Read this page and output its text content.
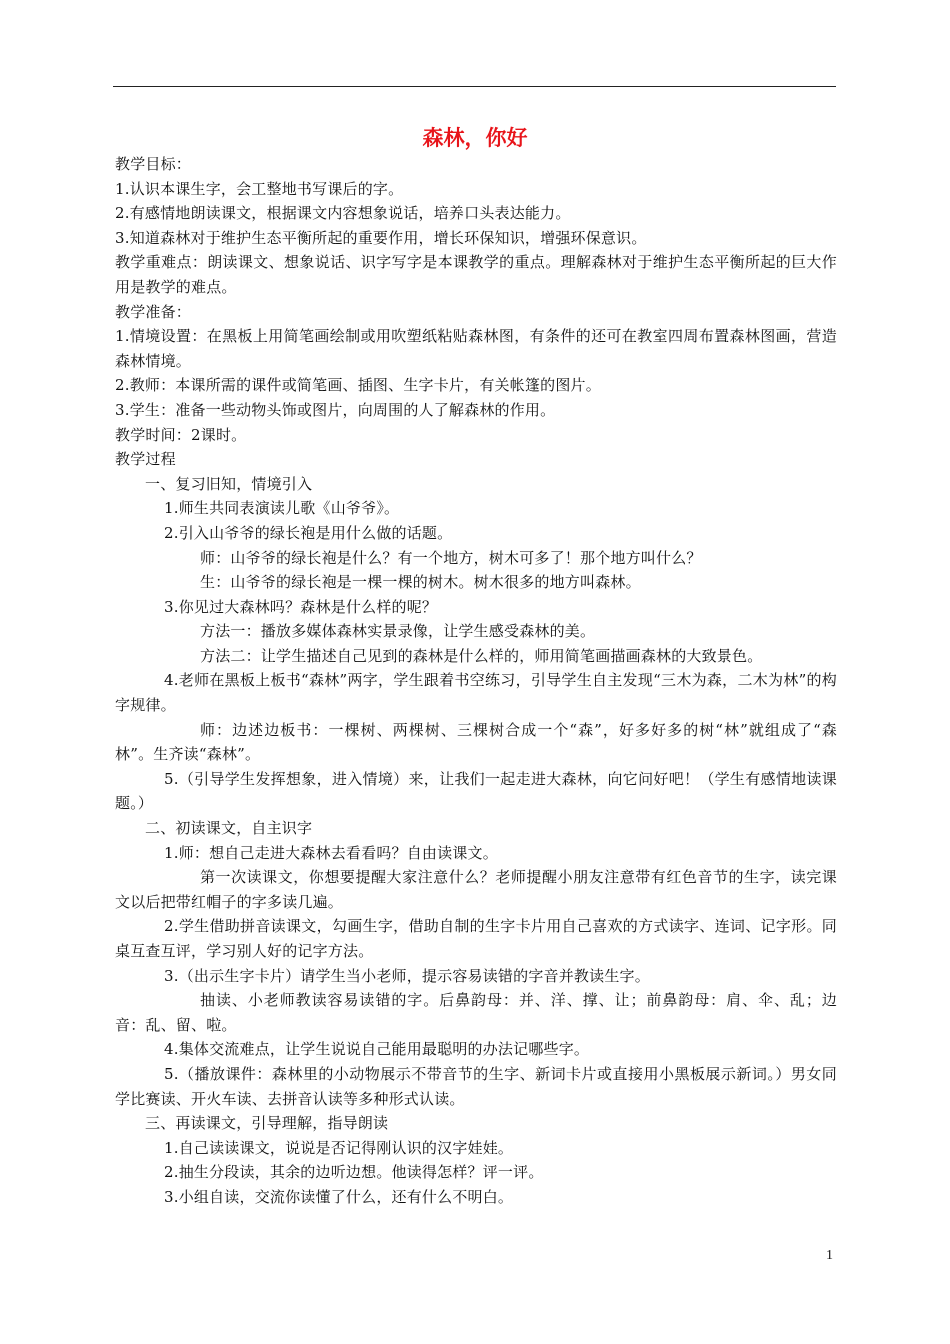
森林，你好

教学目标：

1.认识本课生字，会工整地书写课后的字。

2.有感情地朗读课文，根据课文内容想象说话，培养口头表达能力。

3.知道森林对于维护生态平衡所起的重要作用，增长环保知识，增强环保意识。

教学重难点：朗读课文、想象说话、识字写字是本课教学的重点。理解森林对于维护生态平衡所起的巨大作用是教学的难点。

教学准备：

1.情境设置：在黑板上用简笔画绘制或用吹塑纸粘贴森林图，有条件的还可在教室四周布置森林图画，营造森林情境。

2.教师：本课所需的课件或简笔画、插图、生字卡片，有关帐篷的图片。

3.学生：准备一些动物头饰或图片，向周围的人了解森林的作用。

教学时间：2课时。

教学过程

一、复习旧知，情境引入

1.师生共同表演读儿歌《山爷爷》。

2.引入山爷爷的绿长袍是用什么做的话题。

师：山爷爷的绿长袍是什么？有一个地方，树木可多了！那个地方叫什么？

生：山爷爷的绿长袍是一棵一棵的树木。树木很多的地方叫森林。

3.你见过大森林吗？森林是什么样的呢？

方法一：播放多媒体森林实景录像，让学生感受森林的美。

方法二：让学生描述自己见到的森林是什么样的，师用简笔画描画森林的大致景色。

4.老师在黑板上板书“森林”两字，学生跟着书空练习，引导学生自主发现“三木为森，二木为林”的构字规律。

师：边述边板书：一棵树、两棵树、三棵树合成一个“森”，好多好多的树“林”就组成了“森林”。生齐读“森林”。

5.（引导学生发挥想象，进入情境）来，让我们一起走进大森林，向它问好吧！（学生有感情地读课题。）

二、初读课文，自主识字

1.师：想自己走进大森林去看看吗？自由读课文。

第一次读课文，你想要提醒大家注意什么？老师提醒小朋友注意带有红色音节的生字，读完课文以后把带红帽子的字多读几遍。

2.学生借助拼音读课文，勾画生字，借助自制的生字卡片用自己喜欢的方式读字、连词、记字形。同桌互查互评，学习别人好的记字方法。

3.（出示生字卡片）请学生当小老师，提示容易读错的字音并教读生字。

抽读、小老师教读容易读错的字。后鼻韵母：并、洋、撑、让；前鼻韵母：肩、伞、乱；边音：乱、留、啦。

4.集体交流难点，让学生说说自己能用最聪明的办法记哪些字。

5.（播放课件：森林里的小动物展示不带音节的生字、新词卡片或直接用小黑板展示新词。）男女同学比赛读、开火车读、去拼音认读等多种形式认读。

三、再读课文，引导理解，指导朗读

1.自己读读课文，说说是否记得刚认识的汉字娃娃。

2.抽生分段读，其余的边听边想。他读得怎样？评一评。

3.小组自读，交流你读懂了什么，还有什么不明白。

1
